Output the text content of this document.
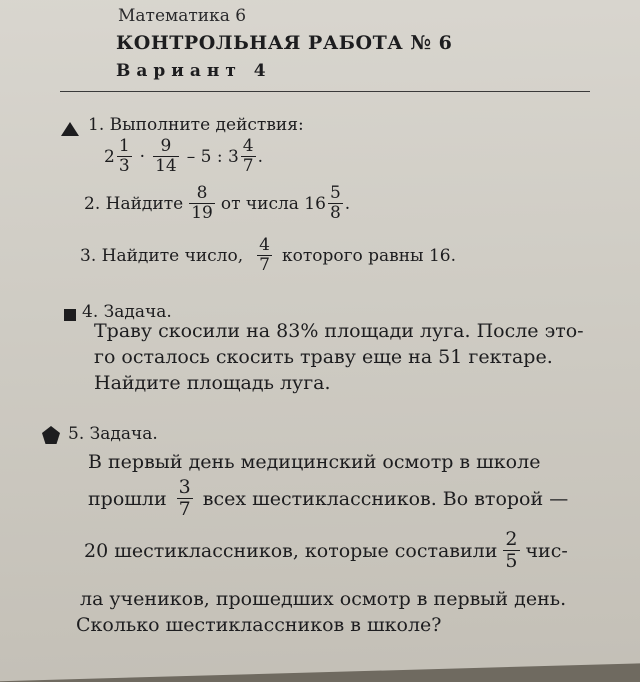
Математика 6
КОНТРОЛЬНАЯ РАБОТА № 6
Вариант 4
1. Выполните действия:
$2 \frac{1}{3} \cdot \frac{9}{14} - 5$ : $3 \frac{4}{7}$ .
2. Найдите $\frac{8}{19}$ от числа $16 \frac{5}{8}$ .
3. Найдите число, $\frac{4}{7}$ которого равны 16.
4. Задача.
Траву скосили на 83% площади луга. После это-
го осталось скосить траву еще на 51 гектаре.
Найдите площадь луга.
5. Задача.
В первый день медицинский осмотр в школе
прошли $\frac{3}{7}$ всех шестиклассников. Во второй —
20 шестиклассников, которые составили $\frac{2}{5} чис-$
ла учеников, прошедших осмотр в первый день.
Сколько шестиклассников в школе?
